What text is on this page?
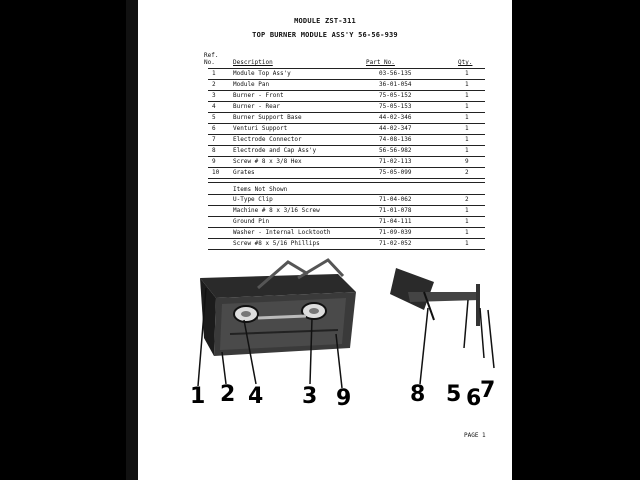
MODULE ZST-311
TOP BURNER MODULE ASS'Y 56-56-939
Ref.
No.	Description	Part No.	Qty.
1	Module Top Ass'y	03-56-135	1
2	Module Pan	36-01-054	1
3	Burner - Front	75-05-152	1
4	Burner - Rear	75-05-153	1
5	Burner Support Base	44-02-346	1
6	Venturi Support	44-02-347	1
7	Electrode Connector	74-08-136	1
8	Electrode and Cap Ass'y	56-56-982	1
9	Screw # 8 x 3/8 Hex	71-02-113	9
10 Grates	75-05-099	2
Items Not Shown
U-Type Clip	71-04-062	2
Machine # 8 x 3/16 Screw	71-01-078	1
Ground Pin	71-04-111	1
Washer - Internal Locktooth	71-09-039	1
Screw #8 x 5/16 Phillips	71-02-052	1
1 2 4 3 9	8 5 6
7
PAGE 1
